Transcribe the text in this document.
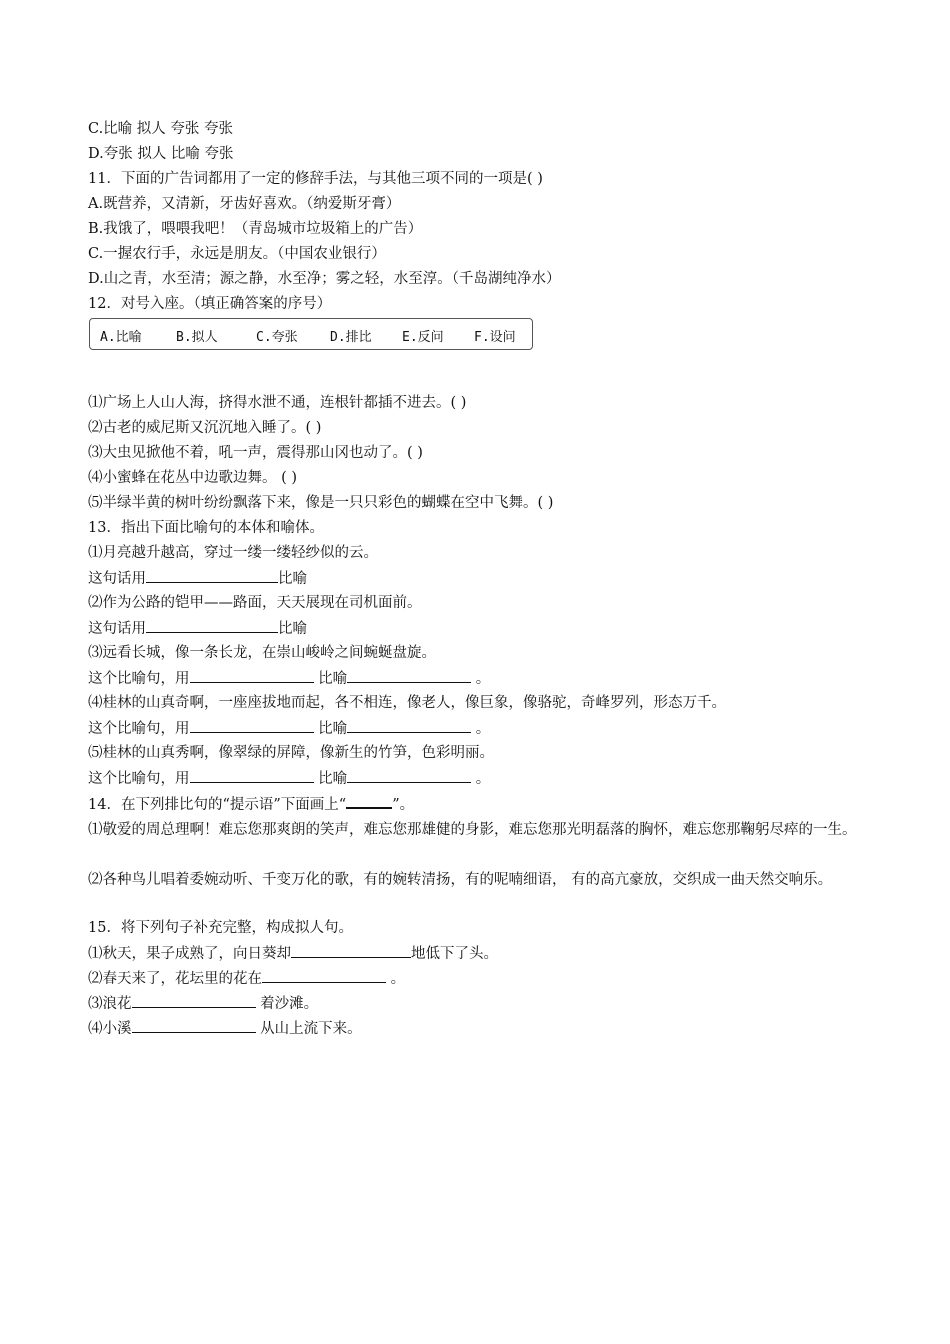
C.比喻 拟人 夸张 夸张
D.夸张 拟人 比喻 夸张
11．下面的广告词都用了一定的修辞手法，与其他三项不同的一项是( )
A.既营养，又清新，牙齿好喜欢。（纳爱斯牙膏）
B.我饿了，喂喂我吧！（青岛城市垃圾箱上的广告）
C.一握农行手，永远是朋友。（中国农业银行）
D.山之青，水至清；源之静，水至净；雾之轻，水至淳。（千岛湖纯净水）
12．对号入座。（填正确答案的序号）
A.比喻	B.拟人	C.夸张 D.排比 E.反问 F.设问
⑴广场上人山人海，挤得水泄不通，连根针都插不进去。( )
⑵古老的威尼斯又沉沉地入睡了。( )
⑶大虫见掀他不着，吼一声，震得那山冈也动了。( )
⑷小蜜蜂在花丛中边歌边舞。 ( )
⑸半绿半黄的树叶纷纷飘落下来，像是一只只彩色的蝴蝶在空中飞舞。( )
13．指出下面比喻句的本体和喻体。
⑴月亮越升越高，穿过一缕一缕轻纱似的云。
这句话用	比喻
⑵作为公路的铠甲——路面，天天展现在司机面前。
这句话用	比喻
⑶远看长城，像一条长龙，在崇山峻岭之间蜿蜒盘旋。
这个比喻句，用	比喻	。
⑷桂林的山真奇啊，一座座拔地而起，各不相连，像老人，像巨象，像骆驼，奇峰罗列，形态万千。
这个比喻句，用	比喻	。
⑸桂林的山真秀啊，像翠绿的屏障，像新生的竹笋，色彩明丽。
这个比喻句，用	比喻	。
14．在下列排比句的“提示语”下面画上“	”。
⑴敬爱的周总理啊！难忘您那爽朗的笑声，难忘您那雄健的身影，难忘您那光明磊落的胸怀，难忘您那鞠躬尽瘁的一生。
⑵各种鸟儿唱着委婉动听、千变万化的歌，有的婉转清扬，有的呢喃细语， 有的高亢豪放，交织成一曲天然交响乐。
15．将下列句子补充完整，构成拟人句。
⑴秋天，果子成熟了，向日葵却	地低下了头。
⑵春天来了，花坛里的花在	。
⑶浪花	着沙滩。
⑷小溪	从山上流下来。
